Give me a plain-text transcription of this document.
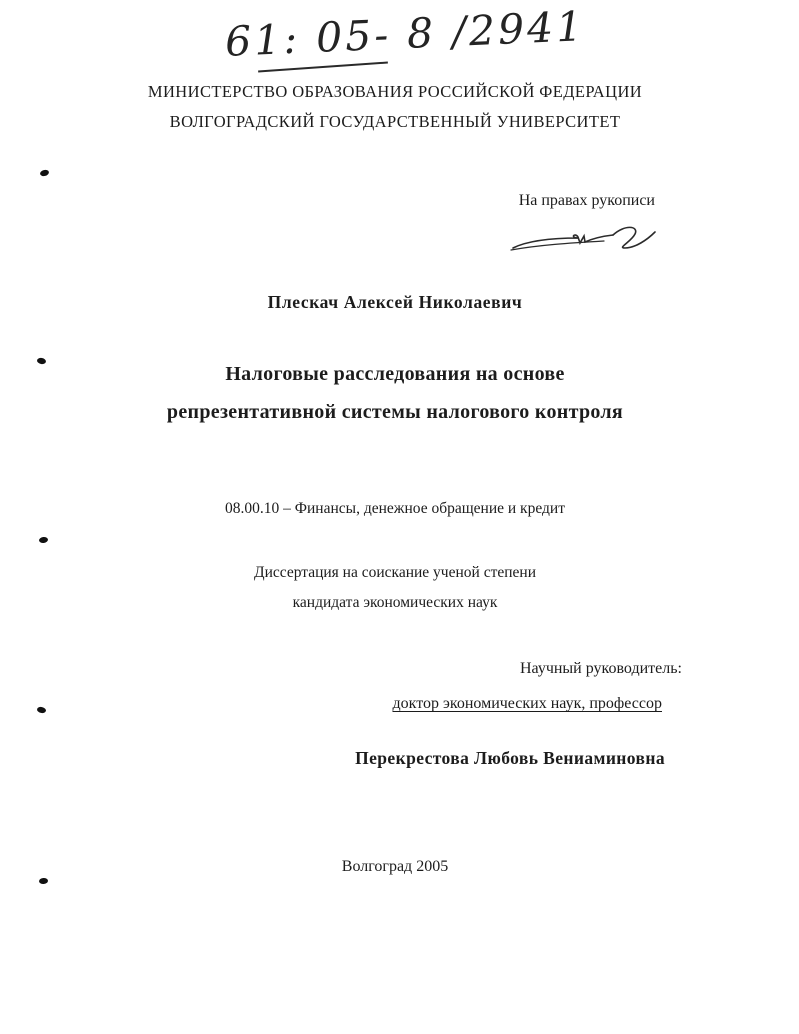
61: 05- 8 /2941
МИНИСТЕРСТВО ОБРАЗОВАНИЯ РОССИЙСКОЙ ФЕДЕРАЦИИ
ВОЛГОГРАДСКИЙ ГОСУДАРСТВЕННЫЙ УНИВЕРСИТЕТ
На правах рукописи
Плескач Алексей Николаевич
Налоговые расследования на основе
репрезентативной системы налогового контроля
08.00.10 – Финансы, денежное обращение и кредит
Диссертация на соискание ученой степени
кандидата экономических наук
Научный руководитель:
доктор экономических наук, профессор
Перекрестова Любовь Вениаминовна
Волгоград 2005
